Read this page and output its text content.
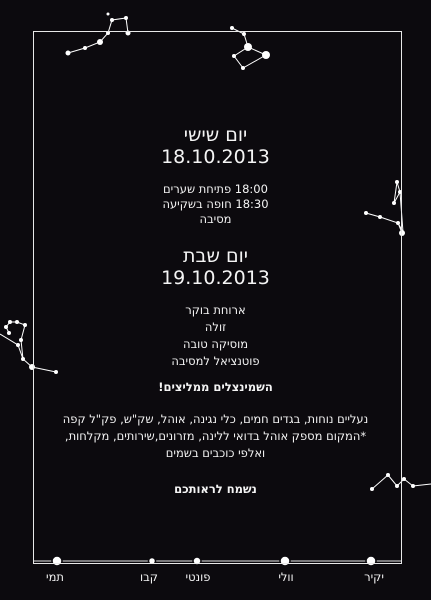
יום שישי
18.10.2013
18:00 פתיחת שערים
18:30 חופה בשקיעה
מסיבה
יום שבת
19.10.2013
ארוחת בוקר
זולה
מוסיקה טובה
פוטנציאל למסיבה
השמינצלים ממליצים!
נעליים נוחות, בגדים חמים, כלי נגינה, אוהל, שק"ש, פק"ל קפה
*המקום מספק אוהל בדואי ללינה, מזרונים,שירותים, מקלחות,
ואלפי כוכבים בשמים
נשמח לראותכם
יקיר
וולי
פונטי
קבו
תמי
